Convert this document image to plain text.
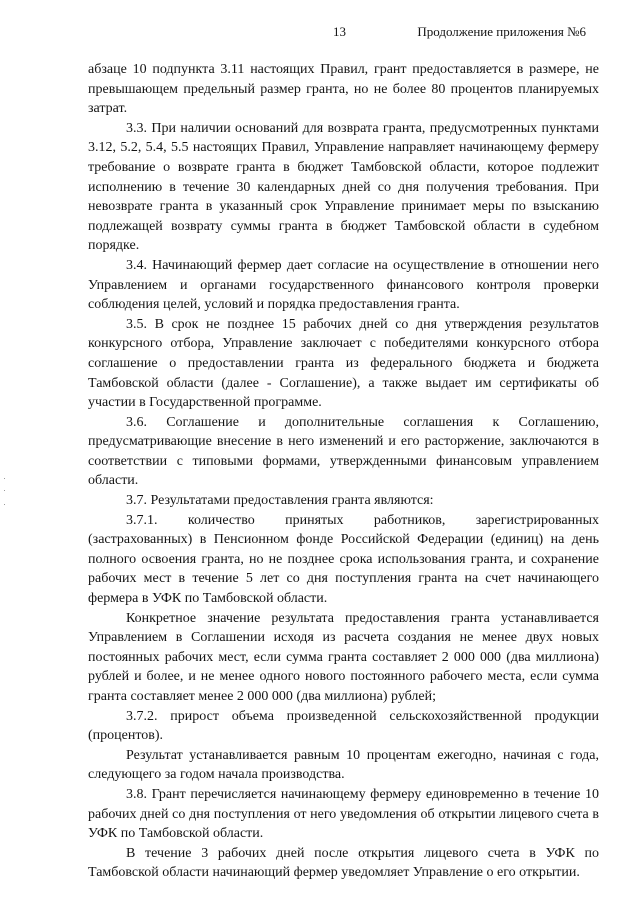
13	Продолжение приложения №6

абзаце 10 подпункта 3.11 настоящих Правил, грант предоставляется в размере, не превышающем предельный размер гранта, но не более 80 процентов планируемых затрат.

3.3. При наличии оснований для возврата гранта, предусмотренных пунктами 3.12, 5.2, 5.4, 5.5 настоящих Правил, Управление направляет начинающему фермеру требование о возврате гранта в бюджет Тамбовской области, которое подлежит исполнению в течение 30 календарных дней со дня получения требования. При невозврате гранта в указанный срок Управление принимает меры по взысканию подлежащей возврату суммы гранта в бюджет Тамбовской области в судебном порядке.

3.4. Начинающий фермер дает согласие на осуществление в отношении него Управлением и органами государственного финансового контроля проверки соблюдения целей, условий и порядка предоставления гранта.

3.5. В срок не позднее 15 рабочих дней со дня утверждения результатов конкурсного отбора, Управление заключает с победителями конкурсного отбора соглашение о предоставлении гранта из федерального бюджета и бюджета Тамбовской области (далее - Соглашение), а также выдает им сертификаты об участии в Государственной программе.

3.6. Соглашение и дополнительные соглашения к Соглашению, предусматривающие внесение в него изменений и его расторжение, заключаются в соответствии с типовыми формами, утвержденными финансовым управлением области.

3.7. Результатами предоставления гранта являются:

3.7.1. количество принятых работников, зарегистрированных (застрахованных) в Пенсионном фонде Российской Федерации (единиц) на день полного освоения гранта, но не позднее срока использования гранта, и сохранение рабочих мест в течение 5 лет со дня поступления гранта на счет начинающего фермера в УФК по Тамбовской области.

Конкретное значение результата предоставления гранта устанавливается Управлением в Соглашении исходя из расчета создания не менее двух новых постоянных рабочих мест, если сумма гранта составляет 2 000 000 (два миллиона) рублей и более, и не менее одного нового постоянного рабочего места, если сумма гранта составляет менее 2 000 000 (два миллиона) рублей;

3.7.2. прирост объема произведенной сельскохозяйственной продукции (процентов).

Результат устанавливается равным 10 процентам ежегодно, начиная с года, следующего за годом начала производства.

3.8. Грант перечисляется начинающему фермеру единовременно в течение 10 рабочих дней со дня поступления от него уведомления об открытии лицевого счета в УФК по Тамбовской области.

В течение 3 рабочих дней после открытия лицевого счета в УФК по Тамбовской области начинающий фермер уведомляет Управление о его открытии.
